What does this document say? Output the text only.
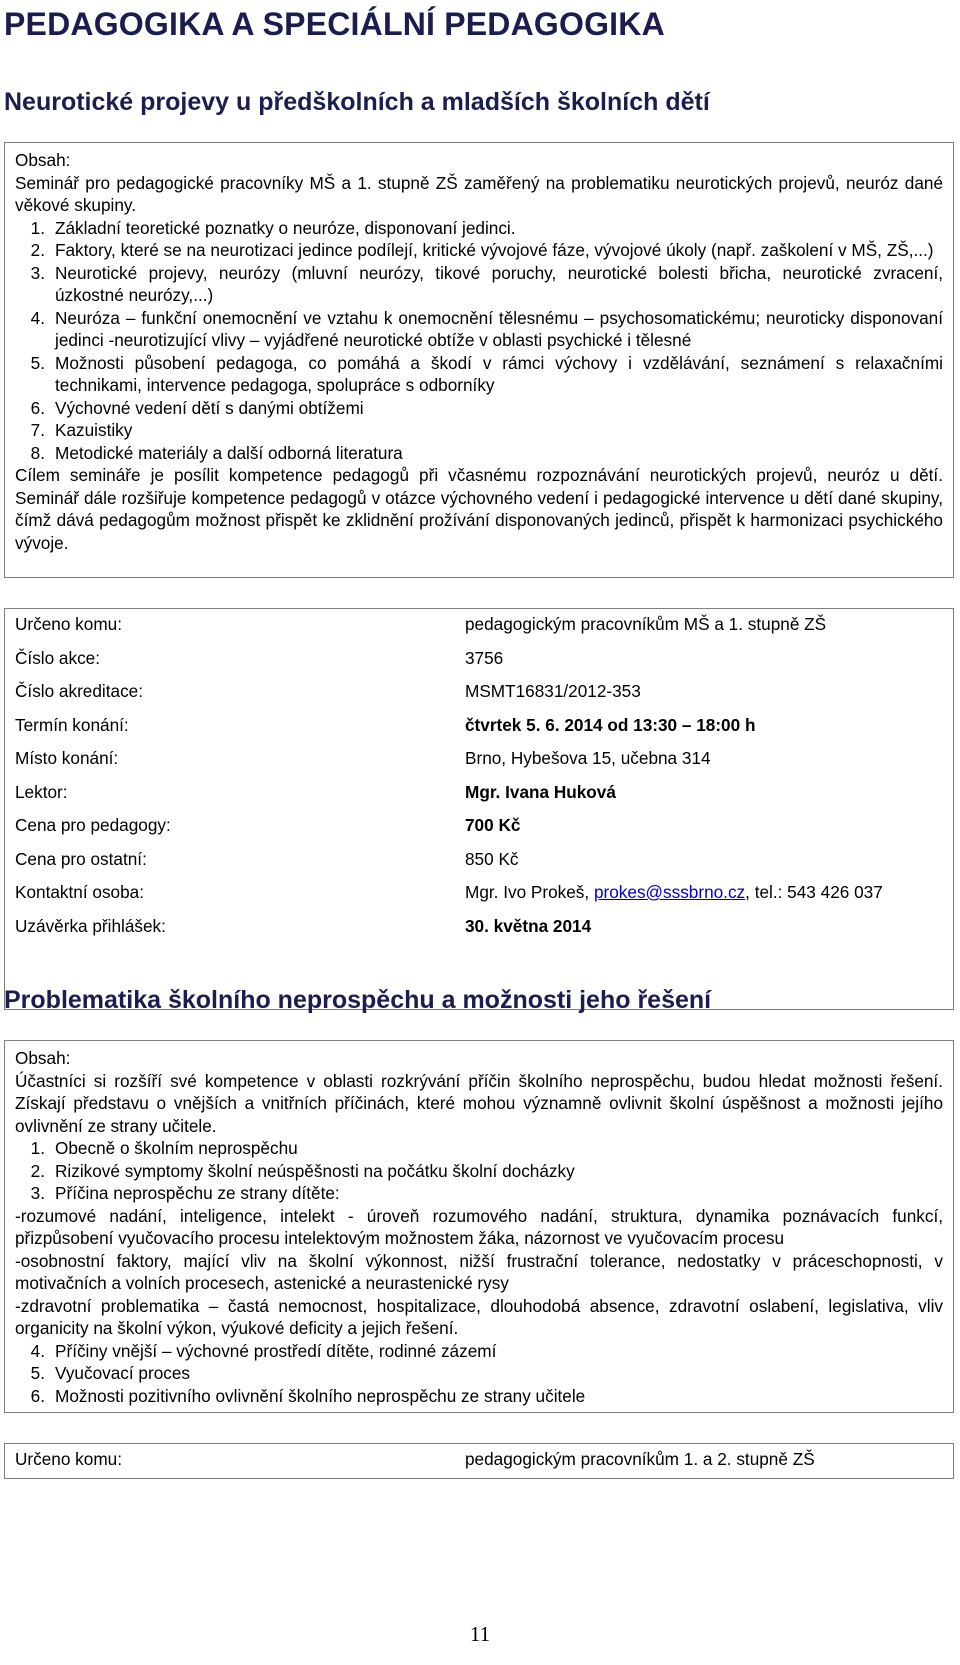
PEDAGOGIKA A SPECIÁLNÍ PEDAGOGIKA
Neurotické projevy u předškolních a mladších školních dětí

Obsah:

Seminář pro pedagogické pracovníky MŠ a 1. stupně ZŠ zaměřený na problematiku neurotických projevů, neuróz dané věkové skupiny.

1. Základní teoretické poznatky o neuróze, disponovaní jedinci.
2. Faktory, které se na neurotizaci jedince podílejí, kritické vývojové fáze, vývojové úkoly (např. zaškolení v MŠ, ZŠ,...)
3. Neurotické projevy, neurózy (mluvní neurózy, tikové poruchy, neurotické bolesti břicha, neurotické zvracení, úzkostné neurózy,...)
4. Neuróza – funkční onemocnění ve vztahu k onemocnění tělesnému – psychosomatickému; neuroticky disponovaní jedinci -neurotizující vlivy – vyjádřené neurotické obtíže v oblasti psychické i tělesné
5. Možnosti působení pedagoga, co pomáhá a škodí v rámci výchovy i vzdělávání, seznámení s relaxačními technikami, intervence pedagoga, spolupráce s odborníky
6. Výchovné vedení dětí s danými obtížemi
7. Kazuistiky
8. Metodické materiály a další odborná literatura

Cílem semináře je posílit kompetence pedagogů při včasnému rozpoznávání neurotických projevů, neuróz u dětí. Seminář dále rozšiřuje kompetence pedagogů v otázce výchovného vedení i pedagogické intervence u dětí dané skupiny, čímž dává pedagogům možnost přispět ke zklidnění prožívání disponovaných jedinců, přispět k harmonizaci psychického vývoje.

Určeno komu:	pedagogickým pracovníkům MŠ a 1. stupně ZŠ
Číslo akce:	3756
Číslo akreditace:	MSMT16831/2012-353
Termín konání:	čtvrtek 5. 6. 2014 od 13:30 – 18:00 h
Místo konání:	Brno, Hybešova 15, učebna 314
Lektor:	Mgr. Ivana Huková
Cena pro pedagogy:	700 Kč
Cena pro ostatní:	850 Kč
Kontaktní osoba:	Mgr. Ivo Prokeš, prokes@sssbrno.cz, tel.: 543 426 037
Uzávěrka přihlášek:	30. května 2014
Problematika školního neprospěchu a možnosti jeho řešení

Obsah:

Účastníci si rozšíří své kompetence v oblasti rozkrývání příčin školního neprospěchu, budou hledat možnosti řešení. Získají představu o vnějších a vnitřních příčinách, které mohou významně ovlivnit školní úspěšnost a možnosti jejího ovlivnění ze strany učitele.

1. Obecně o školním neprospěchu
2. Rizikové symptomy školní neúspěšnosti na počátku školní docházky
3. Příčina neprospěchu ze strany dítěte:

-rozumové nadání, inteligence, intelekt - úroveň rozumového nadání, struktura, dynamika poznávacích funkcí, přizpůsobení vyučovacího procesu intelektovým možnostem žáka, názornost ve vyučovacím procesu

-osobnostní faktory, mající vliv na školní výkonnost, nižší frustrační tolerance, nedostatky v práceschopnosti, v motivačních a volních procesech, astenické a neurastenické rysy

-zdravotní problematika – častá nemocnost, hospitalizace, dlouhodobá absence, zdravotní oslabení, legislativa, vliv organicity na školní výkon, výukové deficity a jejich řešení.

4. Příčiny vnější – výchovné prostředí dítěte, rodinné zázemí
5. Vyučovací proces
6. Možnosti pozitivního ovlivnění školního neprospěchu ze strany učitele
Určeno komu:	pedagogickým pracovníkům 1. a 2. stupně ZŠ
11
